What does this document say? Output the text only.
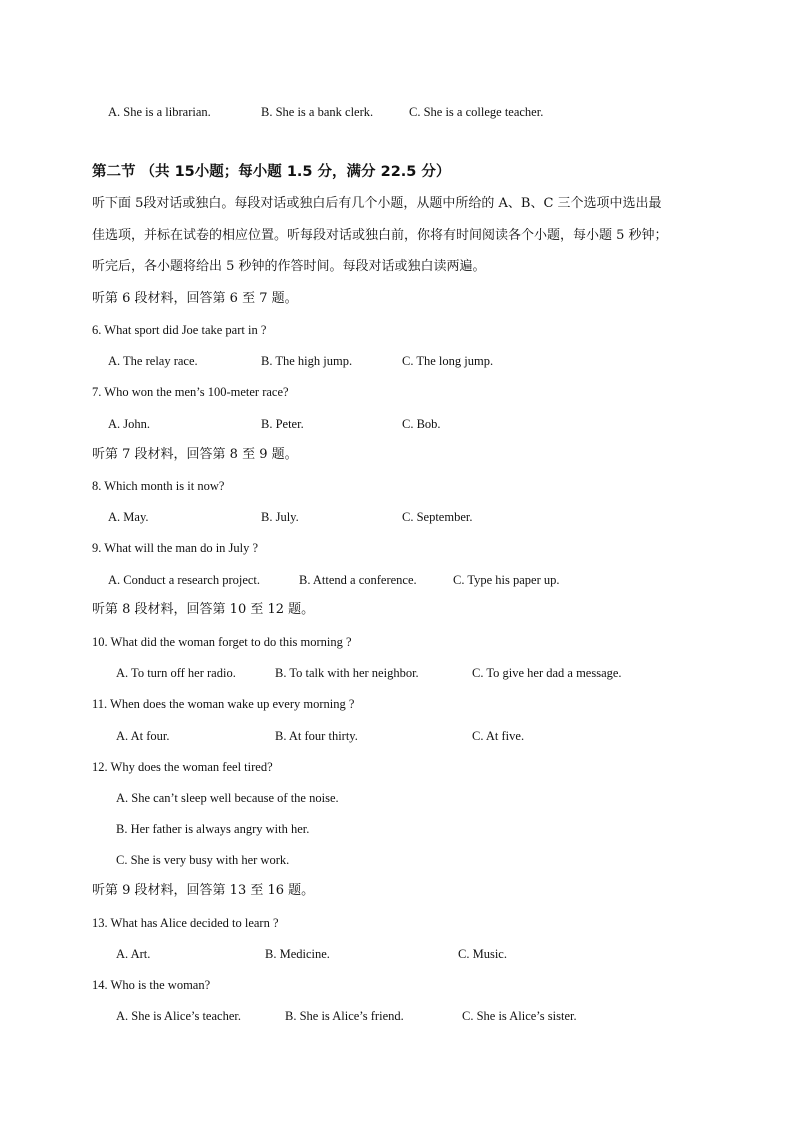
A. She is a librarian.	B. She is a bank clerk.	C. She is a college teacher.
第二节 （共 15小题；每小题 1.5 分，满分 22.5 分）
听下面 5段对话或独白。每段对话或独白后有几个小题，从题中所给的 A、B、C 三个选项中选出最
佳选项，并标在试卷的相应位置。听每段对话或独白前，你将有时间阅读各个小题，每小题 5 秒钟；
听完后，各小题将给出 5 秒钟的作答时间。每段对话或独白读两遍。
听第 6 段材料，回答第 6 至 7 题。
6. What sport did Joe take part in ?
A. The relay race.	B. The high jump.	C. The long jump.
7. Who won the men’s 100-meter race?
A. John.	B. Peter.	C. Bob.
听第 7 段材料，回答第 8 至 9 题。
8. Which month is it now?
A. May.	B. July.	C. September.
9. What will the man do in July ?
A. Conduct a research project.	B. Attend a conference.	C. Type his paper up.
听第 8 段材料，回答第 10 至 12 题。
10. What did the woman forget to do this morning ?
A. To turn off her radio.	B. To talk with her neighbor.	C. To give her dad a message.
11. When does the woman wake up every morning ?
A. At four.	B. At four thirty.	C. At five.
12. Why does the woman feel tired?
A. She can’t sleep well because of the noise.
B. Her father is always angry with her.
C. She is very busy with her work.
听第 9 段材料，回答第 13 至 16 题。
13. What has Alice decided to learn ?
A. Art.	B. Medicine.	C. Music.
14. Who is the woman?
A. She is Alice’s teacher.	B. She is Alice’s friend.	C. She is Alice’s sister.
